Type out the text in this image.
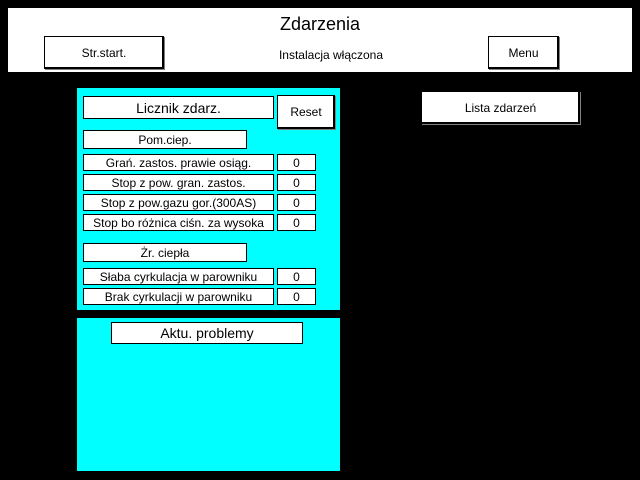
Zdarzenia
Str.start.	Instalacja włączona	Menu
Lista zdarzeń
Licznik zdarz.	Reset
Pom.ciep.
Grań. zastos. prawie osiąg.	0
Stop z pow. gran. zastos.	0
Stop z pow.gazu gor.(300AS)	0
Stop bo różnica ciśn. za wysoka	0
Żr. ciepła
Słaba cyrkulacja w parowniku	0
Brak cyrkulacji w parowniku	0
Aktu. problemy
